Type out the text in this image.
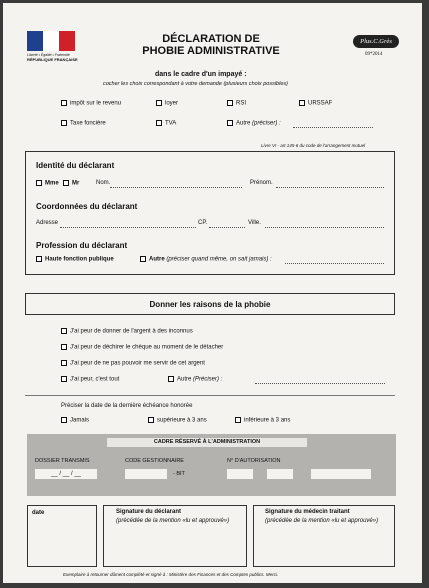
Liberté • Égalité • Fraternité
RÉPUBLIQUE FRANÇAISE
DÉCLARATION DE
PHOBIE ADMINISTRATIVE
Plus.C.Grès
09*2014
dans le cadre d'un impayé :
cocher les choix correspondant à votre demande (plusieurs choix possibles)
impôt sur le revenu	loyer	RSI	URSSAF
Taxe foncière	TVA	Autre (préciser) :
Livre VI - art 145-6 du code de l'arrangement mutuel
Identité du déclarant
Mme	Mr	Nom.	Prénom.
Coordonnées du déclarant
Adresse	CP.	Ville.
Profession du déclarant
Haute fonction publique	Autre (préciser quand même, on sait jamais) :
Donner les raisons de la phobie
J'ai peur de donner de l'argent à des inconnus
J'ai peur de déchirer le chèque au moment de le détacher
J'ai peur de ne pas pouvoir me servir de cet argent
J'ai peur, c'est tout	Autre (Préciser) :
Préciser la date de la dernière échéance honorée
Jamais	supérieure à 3 ans	inférieure à 3 ans
CADRE RÉSERVÉ À L'ADMINISTRATION
DOSSIER TRANSMIS	CODE GESTIONNAIRE	N° D'AUTORISATION
__ / __ / __	- BIT
date	Signature du déclarant
(précédée de la mention «lu et approuvé»)
Signature du médecin traitant
(précédée de la mention «lu et approuvé»)
Exemplaire à retourner dûment complété et signé à : Ministère des Finances et des Comptes publics. Merci.
